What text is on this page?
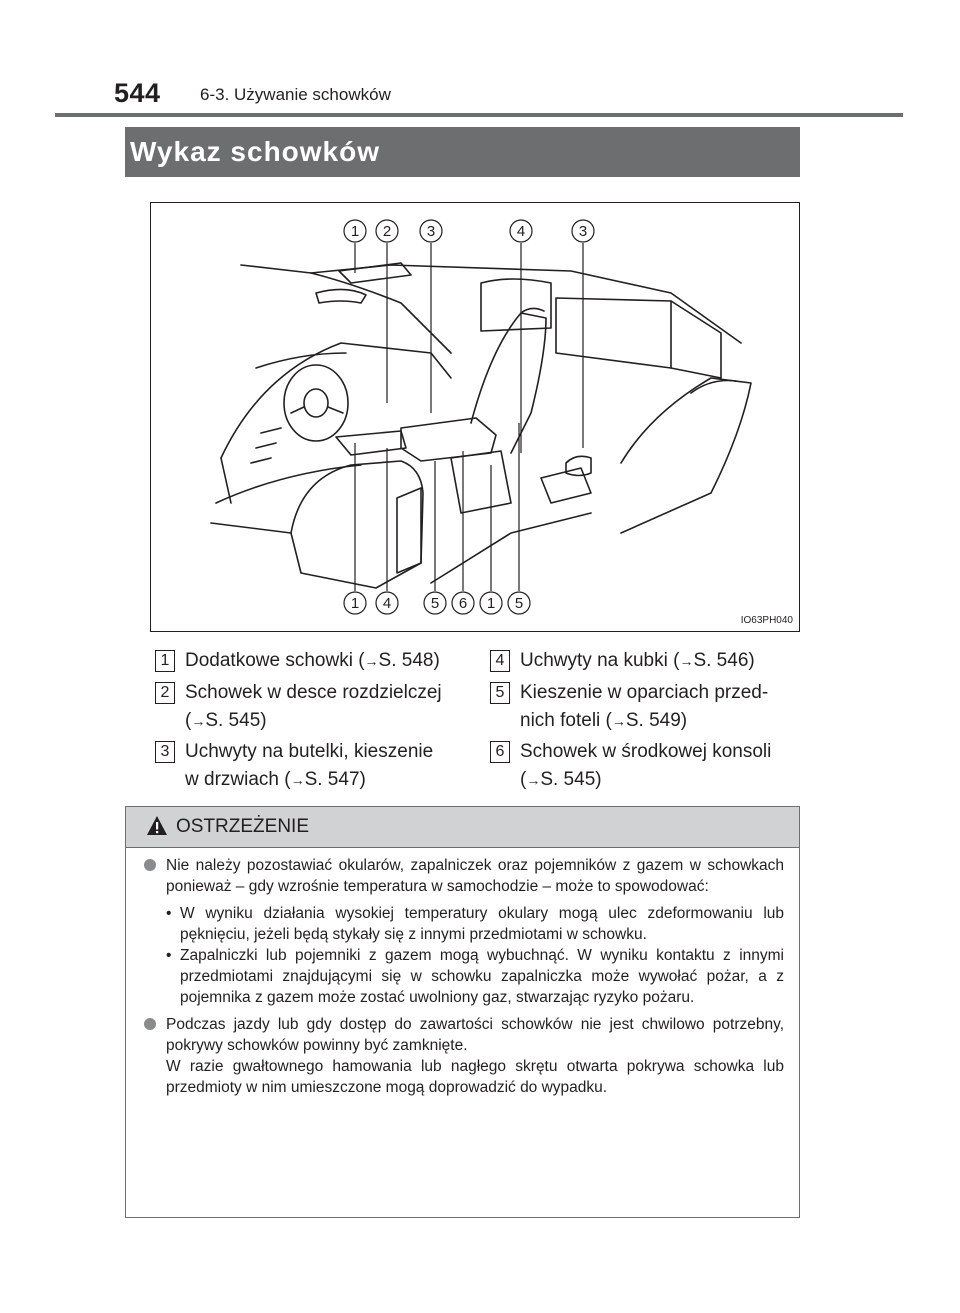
544 6-3. Używanie schowków
Wykaz schowków
1 2 3	4	3
1 4	5 6 1 5
IO63PH040
1 Dodatkowe schowki (→S. 548)
2 Schowek w desce rozdzielczej
(→S. 545)
3 Uchwyty na butelki, kieszenie
w drzwiach (→S. 547)
4 Uchwyty na kubki (→S. 546)
5 Kieszenie w oparciach przed-
nich foteli (→S. 549)
6 Schowek w środkowej konsoli
(→S. 545)
OSTRZEŻENIE
Nie należy pozostawiać okularów, zapalniczek oraz pojemników z gazem w schowkach ponieważ – gdy wzrośnie temperatura w samochodzie – może to spowodować:
• W wyniku działania wysokiej temperatury okulary mogą ulec zdeformowaniu lub pęknięciu, jeżeli będą stykały się z innymi przedmiotami w schowku.
• Zapalniczki lub pojemniki z gazem mogą wybuchnąć. W wyniku kontaktu z innymi przedmiotami znajdującymi się w schowku zapalniczka może wywołać pożar, a z pojemnika z gazem może zostać uwolniony gaz, stwarzając ryzyko pożaru.
Podczas jazdy lub gdy dostęp do zawartości schowków nie jest chwilowo potrzebny, pokrywy schowków powinny być zamknięte.
W razie gwałtownego hamowania lub nagłego skrętu otwarta pokrywa schowka lub przedmioty w nim umieszczone mogą doprowadzić do wypadku.
